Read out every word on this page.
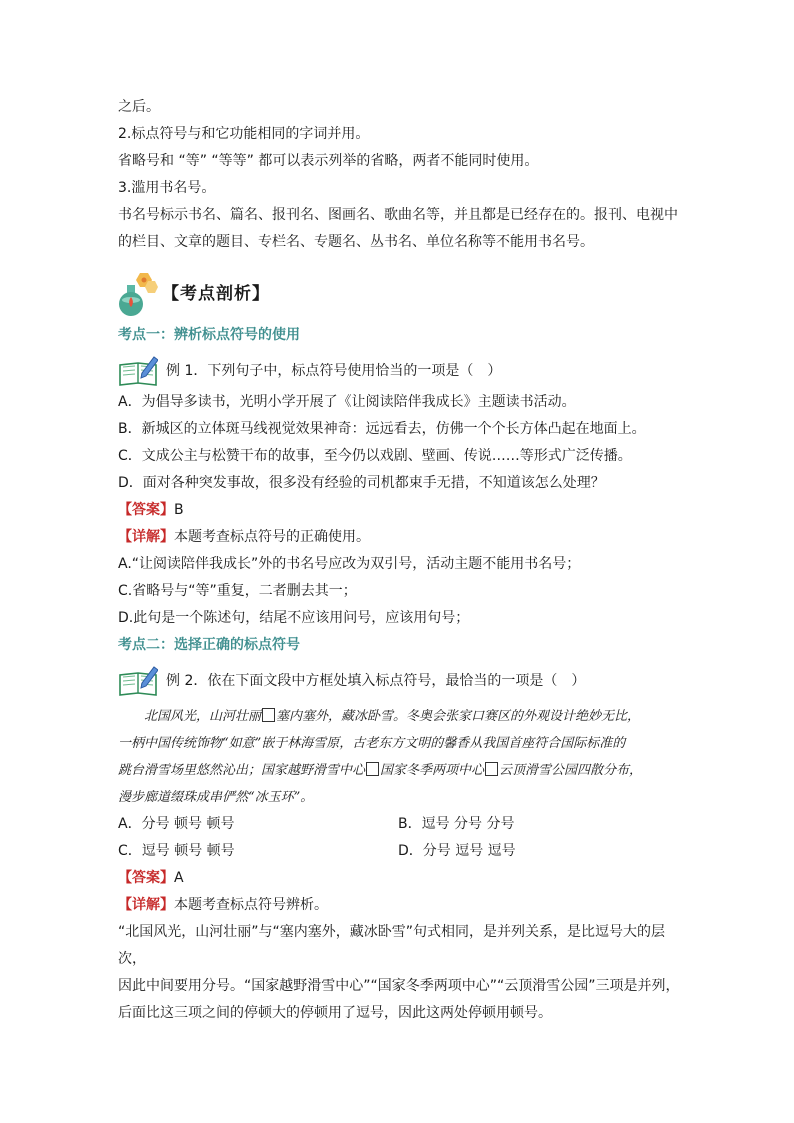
之后。

2.标点符号与和它功能相同的字词并用。

省略号和 “等” “等等” 都可以表示列举的省略，两者不能同时使用。

3.滥用书名号。

书名号标示书名、篇名、报刊名、图画名、歌曲名等，并且都是已经存在的。报刊、电视中

的栏目、文章的题目、专栏名、专题名、丛书名、单位名称等不能用书名号。

【考点剖析】

考点一：辨析标点符号的使用

例 1．下列句子中，标点符号使用恰当的一项是（　）

A．为倡导多读书，光明小学开展了《让阅读陪伴我成长》主题读书活动。

B．新城区的立体斑马线视觉效果神奇：远远看去，仿佛一个个长方体凸起在地面上。

C．文成公主与松赞干布的故事，至今仍以戏剧、壁画、传说……等形式广泛传播。

D．面对各种突发事故，很多没有经验的司机都束手无措，不知道该怎么处理？

【答案】B

【详解】本题考查标点符号的正确使用。

A.“让阅读陪伴我成长”外的书名号应改为双引号，活动主题不能用书名号；

C.省略号与“等”重复，二者删去其一；

D.此句是一个陈述句，结尾不应该用问号，应该用句号；

考点二：选择正确的标点符号

例 2．依在下面文段中方框处填入标点符号，最恰当的一项是（　）
北国风光，山河壮丽 塞内塞外，藏冰卧雪。冬奥会张家口赛区的外观设计绝妙无比，
一柄中国传统饰物“如意”嵌于林海雪原，古老东方文明的馨香从我国首座符合国际标准的
跳台滑雪场里悠然沁出；国家越野滑雪中心 国家冬季两项中心 云顶滑雪公园四散分布，
漫步廊道缀珠成串俨然“冰玉环”。
A．分号 顿号 顿号	B．逗号 分号 分号
C．逗号 顿号 顿号	D．分号 逗号 逗号

【答案】A

【详解】本题考查标点符号辨析。

“北国风光，山河壮丽”与“塞内塞外，藏冰卧雪”句式相同，是并列关系，是比逗号大的层次，

因此中间要用分号。“国家越野滑雪中心”“国家冬季两项中心”“云顶滑雪公园”三项是并列，

后面比这三项之间的停顿大的停顿用了逗号，因此这两处停顿用顿号。
